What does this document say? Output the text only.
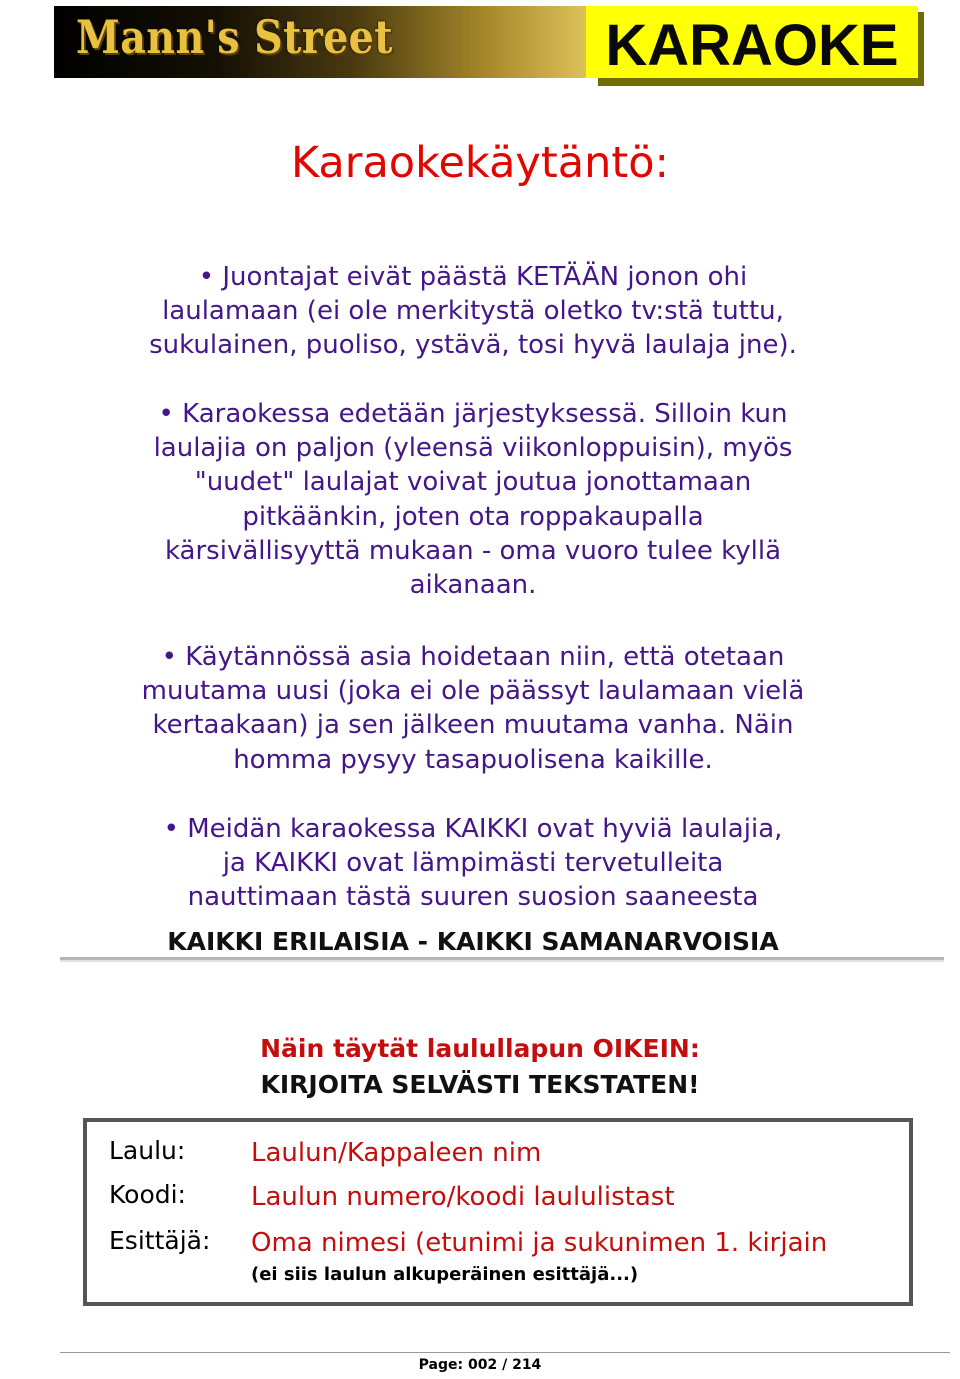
Mann's Street	KARAOKE
Karaokekäytäntö:
• Juontajat eivät päästä KETÄÄN jonon ohi
laulamaan (ei ole merkitystä oletko tv:stä tuttu,
sukulainen, puoliso, ystävä, tosi hyvä laulaja jne).
• Karaokessa edetään järjestyksessä. Silloin kun
laulajia on paljon (yleensä viikonloppuisin), myös
"uudet" laulajat voivat joutua jonottamaan
pitkäänkin, joten ota roppakaupalla
kärsivällisyyttä mukaan - oma vuoro tulee kyllä
aikanaan.
• Käytännössä asia hoidetaan niin, että otetaan
muutama uusi (joka ei ole päässyt laulamaan vielä
kertaakaan) ja sen jälkeen muutama vanha. Näin
homma pysyy tasapuolisena kaikille.
• Meidän karaokessa KAIKKI ovat hyviä laulajia,
ja KAIKKI ovat lämpimästi tervetulleita
nauttimaan tästä suuren suosion saaneesta
KAIKKI ERILAISIA - KAIKKI SAMANARVOISIA
Näin täytät laulullapun OIKEIN:
KIRJOITA SELVÄSTI TEKSTATEN!
Laulu:	Laulun/Kappaleen nim
Koodi:	Laulun numero/koodi laululistast
Esittäjä: Oma nimesi (etunimi ja sukunimen 1. kirjain
(ei siis laulun alkuperäinen esittäjä...)
Page: 002 / 214
